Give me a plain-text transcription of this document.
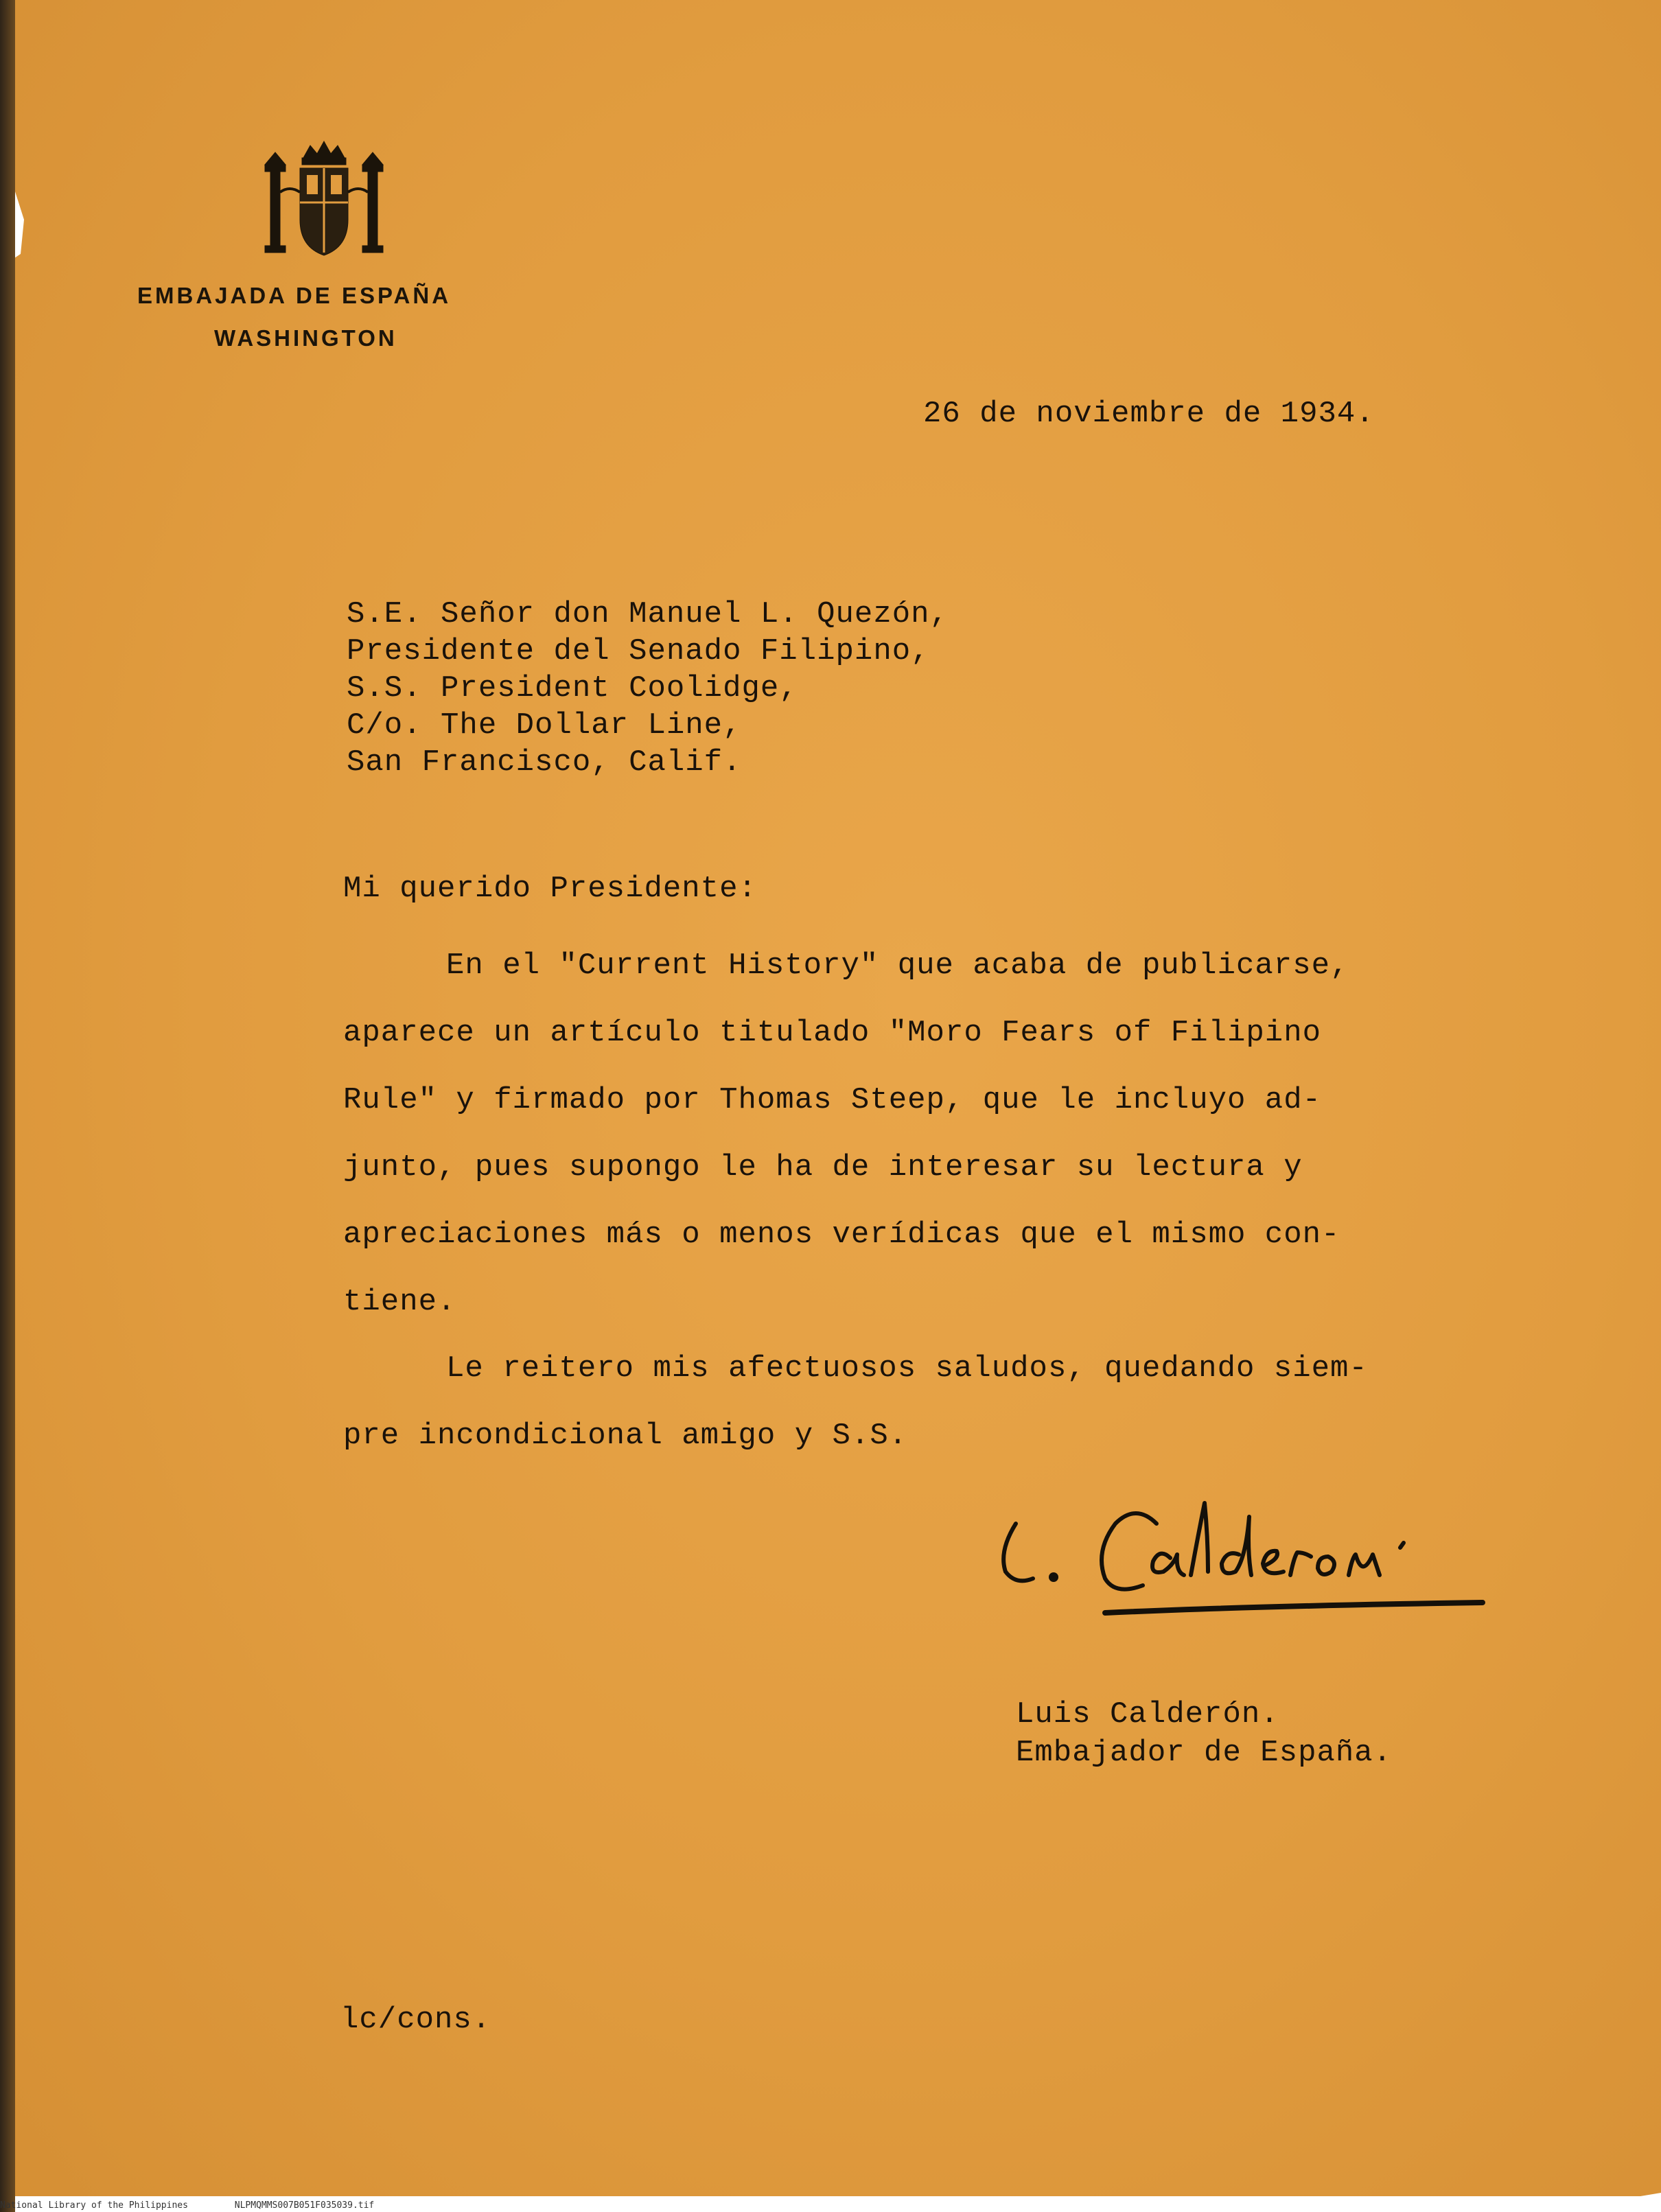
EMBAJADA DE ESPAÑA
WASHINGTON
26 de noviembre de 1934.
S.E. Señor don Manuel L. Quezón,
Presidente del Senado Filipino,
S.S. President Coolidge,
C/o. The Dollar Line,
San Francisco, Calif.
Mi querido Presidente:
En el "Current History" que acaba de publicarse,
aparece un artículo titulado "Moro Fears of Filipino
Rule" y firmado por Thomas Steep, que le incluyo ad-
junto, pues supongo le ha de interesar su lectura y
apreciaciones más o menos verídicas que el mismo con-
tiene.
Le reitero mis afectuosos saludos, quedando siem-
pre incondicional amigo y S.S.
Luis Calderón.
Embajador de España.
lc/cons.
National Library of the Philippines	NLPMQMMS007B051F035039.tif
